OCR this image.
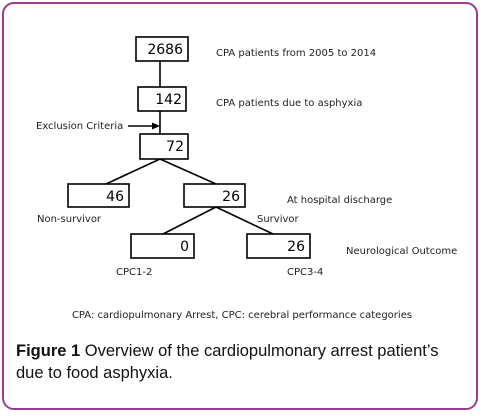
2686
142
72
46	26
0	26
CPA patients from 2005 to 2014
CPA patients due to asphyxia
Exclusion Criteria
At hospital discharge
Non-survivor	Survivor
Neurological Outcome
CPC1-2	CPC3-4
CPA: cardiopulmonary Arrest, CPC: cerebral performance categories
Figure 1 Overview of the cardiopulmonary arrest patient’s due to food asphyxia.
